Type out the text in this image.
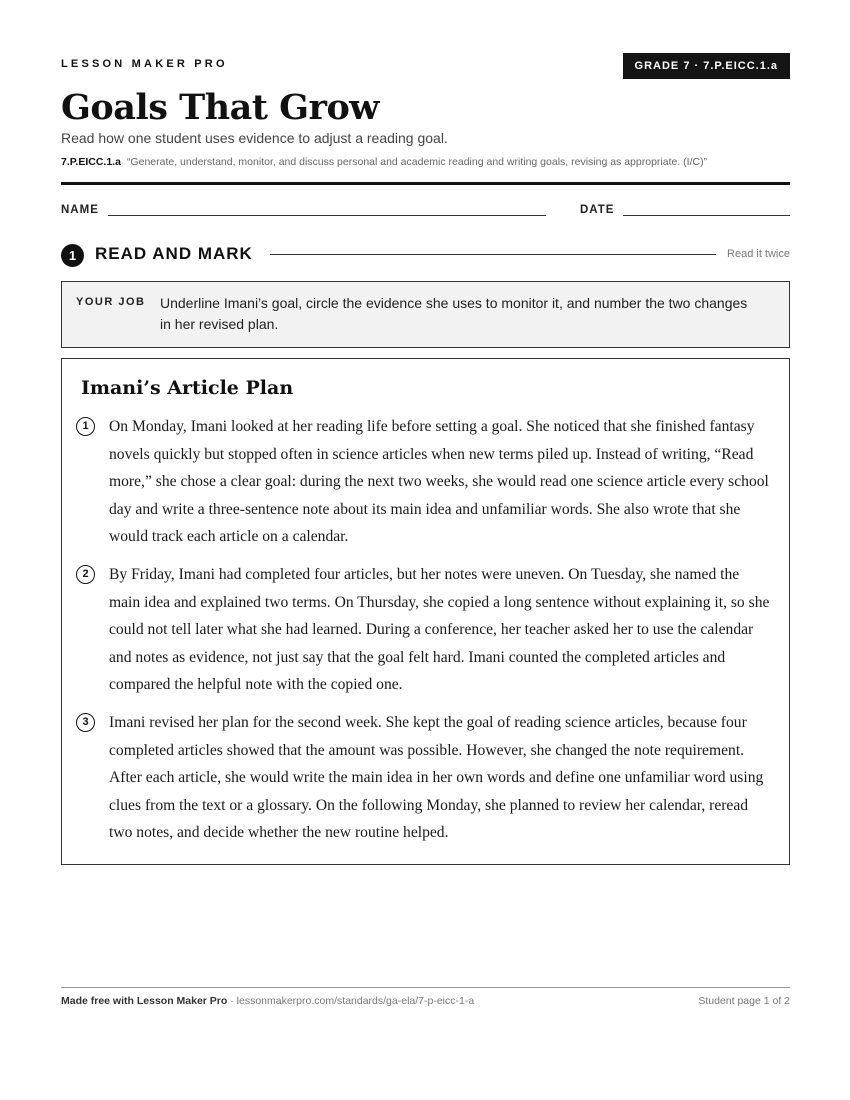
LESSON MAKER PRO	GRADE 7 · 7.P.EICC.1.a
Goals That Grow
Read how one student uses evidence to adjust a reading goal.
7.P.EICC.1.a “Generate, understand, monitor, and discuss personal and academic reading and writing goals, revising as appropriate. (I/C)”
NAME	DATE
1	READ AND MARK	Read it twice
YOUR JOB Underline Imani’s goal, circle the evidence she uses to monitor it, and number the two changes in her revised plan.
Imani’s Article Plan
1	On Monday, Imani looked at her reading life before setting a goal. She noticed that she finished fantasy novels quickly but stopped often in science articles when new terms piled up. Instead of writing, “Read more,” she chose a clear goal: during the next two weeks, she would read one science article every school day and write a three-sentence note about its main idea and unfamiliar words. She also wrote that she would track each article on a calendar.
2	By Friday, Imani had completed four articles, but her notes were uneven. On Tuesday, she named the main idea and explained two terms. On Thursday, she copied a long sentence without explaining it, so she could not tell later what she had learned. During a conference, her teacher asked her to use the calendar and notes as evidence, not just say that the goal felt hard. Imani counted the completed articles and compared the helpful note with the copied one.
3	Imani revised her plan for the second week. She kept the goal of reading science articles, because four completed articles showed that the amount was possible. However, she changed the note requirement. After each article, she would write the main idea in her own words and define one unfamiliar word using clues from the text or a glossary. On the following Monday, she planned to review her calendar, reread two notes, and decide whether the new routine helped.
Made free with Lesson Maker Pro · lessonmakerpro.com/standards/ga-ela/7-p-eicc-1-a	Student page 1 of 2
